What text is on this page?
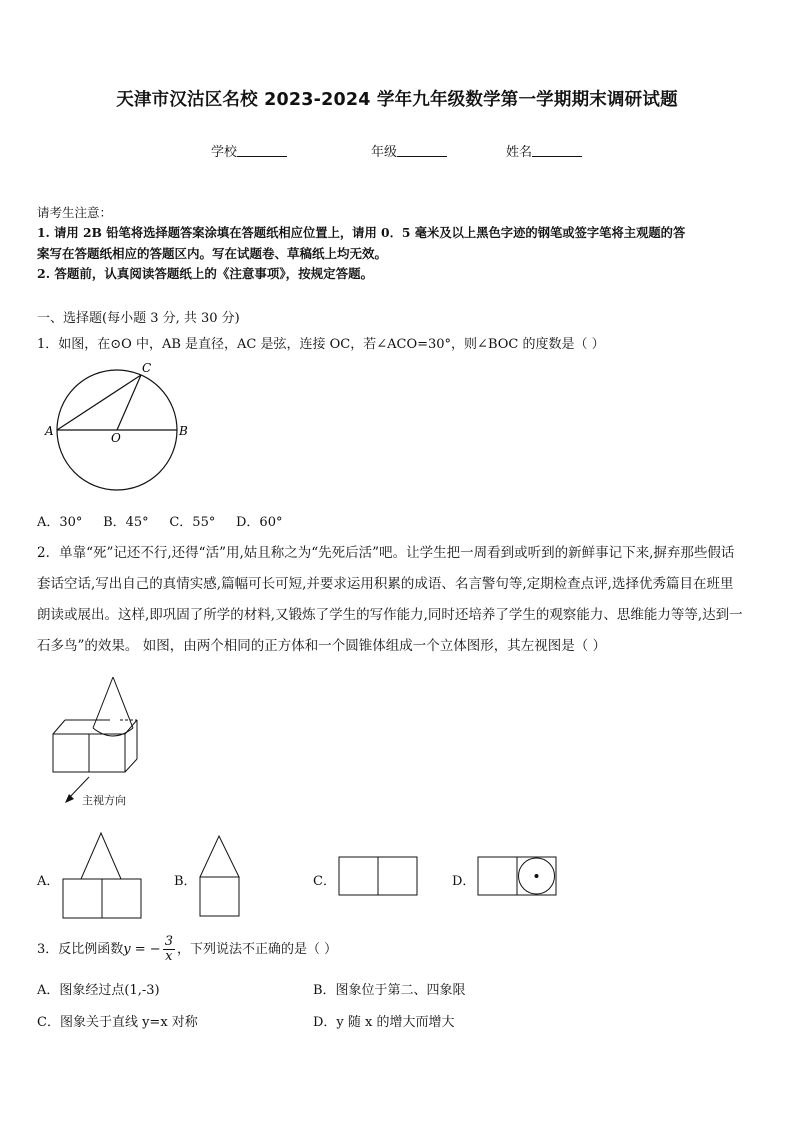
天津市汉沽区名校 2023-2024 学年九年级数学第一学期期末调研试题
学校	年级	姓名
请考生注意：
1. 请用 2B 铅笔将选择题答案涂填在答题纸相应位置上，请用 0．5 毫米及以上黑色字迹的钢笔或签字笔将主观题的答
案写在答题纸相应的答题区内。写在试题卷、草稿纸上均无效。
2. 答题前，认真阅读答题纸上的《注意事项》，按规定答题。
一、选择题(每小题 3 分, 共 30 分)
1．如图，在⊙O 中，AB 是直径，AC 是弦，连接 OC，若∠ACO=30°，则∠BOC 的度数是（ ）
A	B
C
O
A．30°     B．45°     C．55°     D．60°
2．单靠“死”记还不行,还得“活”用,姑且称之为“先死后活”吧。让学生把一周看到或听到的新鲜事记下来,摒弃那些假话
套话空话,写出自己的真情实感,篇幅可长可短,并要求运用积累的成语、名言警句等,定期检查点评,选择优秀篇目在班里
朗读或展出。这样,即巩固了所学的材料,又锻炼了学生的写作能力,同时还培养了学生的观察能力、思维能力等等,达到一
石多鸟”的效果。 如图，由两个相同的正方体和一个圆锥体组成一个立体图形，其左视图是（ ）
主视方向
A．	B．	C．	D．
3．反比例函数y = − $\frac{3}{x}$ ，下列说法不正确的是（ ）
A．图象经过点(1,-3)	B．图象位于第二、四象限
C．图象关于直线 y=x 对称	D．y 随 x 的增大而增大
